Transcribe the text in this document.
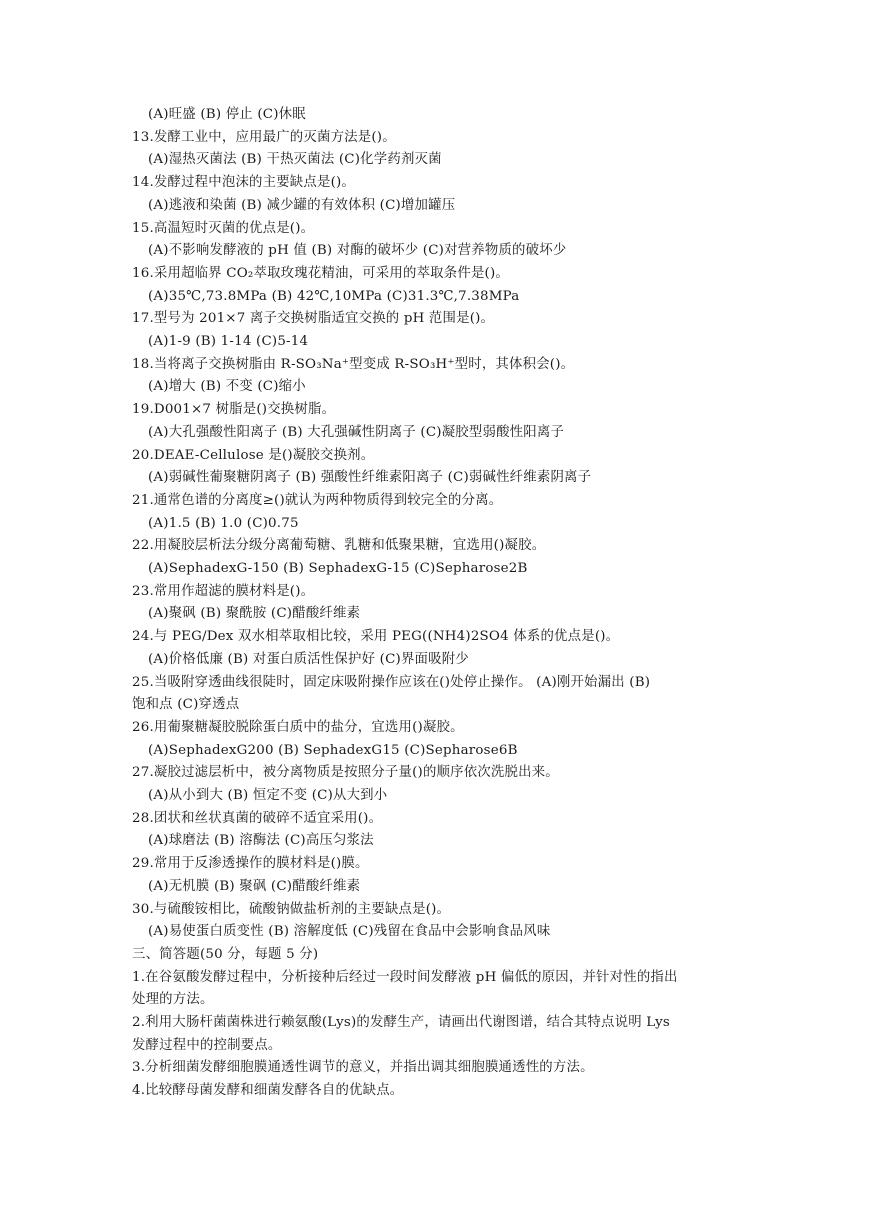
(A)旺盛 (B) 停止 (C)休眠
13.发酵工业中，应用最广的灭菌方法是()。
(A)湿热灭菌法 (B) 干热灭菌法 (C)化学药剂灭菌
14.发酵过程中泡沫的主要缺点是()。
(A)逃液和染菌 (B) 减少罐的有效体积 (C)增加罐压
15.高温短时灭菌的优点是()。
(A)不影响发酵液的 pH 值 (B) 对酶的破坏少 (C)对营养物质的破坏少
16.采用超临界 CO₂萃取玫瑰花精油，可采用的萃取条件是()。
(A)35℃,73.8MPa (B) 42℃,10MPa (C)31.3℃,7.38MPa
17.型号为 201×7 离子交换树脂适宜交换的 pH 范围是()。
(A)1-9 (B) 1-14 (C)5-14
18.当将离子交换树脂由 R-SO₃Na⁺型变成 R-SO₃H⁺型时，其体积会()。
(A)增大 (B) 不变 (C)缩小
19.D001×7 树脂是()交换树脂。
(A)大孔强酸性阳离子 (B) 大孔强碱性阴离子 (C)凝胶型弱酸性阳离子
20.DEAE-Cellulose 是()凝胶交换剂。
(A)弱碱性葡聚糖阴离子 (B) 强酸性纤维素阳离子 (C)弱碱性纤维素阴离子
21.通常色谱的分离度≥()就认为两种物质得到较完全的分离。
(A)1.5 (B) 1.0 (C)0.75
22.用凝胶层析法分级分离葡萄糖、乳糖和低聚果糖，宜选用()凝胶。
(A)SephadexG-150 (B) SephadexG-15 (C)Sepharose2B
23.常用作超滤的膜材料是()。
(A)聚砜 (B) 聚酰胺 (C)醋酸纤维素
24.与 PEG/Dex 双水相萃取相比较，采用 PEG((NH4)2SO4 体系的优点是()。
(A)价格低廉 (B) 对蛋白质活性保护好 (C)界面吸附少
25.当吸附穿透曲线很陡时，固定床吸附操作应该在()处停止操作。 (A)刚开始漏出 (B)
饱和点 (C)穿透点
26.用葡聚糖凝胶脱除蛋白质中的盐分，宜选用()凝胶。
(A)SephadexG200 (B) SephadexG15 (C)Sepharose6B
27.凝胶过滤层析中，被分离物质是按照分子量()的顺序依次洗脱出来。
(A)从小到大 (B) 恒定不变 (C)从大到小
28.团状和丝状真菌的破碎不适宜采用()。
(A)球磨法 (B) 溶酶法 (C)高压匀浆法
29.常用于反渗透操作的膜材料是()膜。
(A)无机膜 (B) 聚砜 (C)醋酸纤维素
30.与硫酸铵相比，硫酸钠做盐析剂的主要缺点是()。
(A)易使蛋白质变性 (B) 溶解度低 (C)残留在食品中会影响食品风味
三、简答题(50 分，每题 5 分)
1.在谷氨酸发酵过程中，分析接种后经过一段时间发酵液 pH 偏低的原因，并针对性的指出
处理的方法。
2.利用大肠杆菌菌株进行赖氨酸(Lys)的发酵生产，请画出代谢图谱，结合其特点说明 Lys
发酵过程中的控制要点。
3.分析细菌发酵细胞膜通透性调节的意义，并指出调其细胞膜通透性的方法。
4.比较酵母菌发酵和细菌发酵各自的优缺点。
